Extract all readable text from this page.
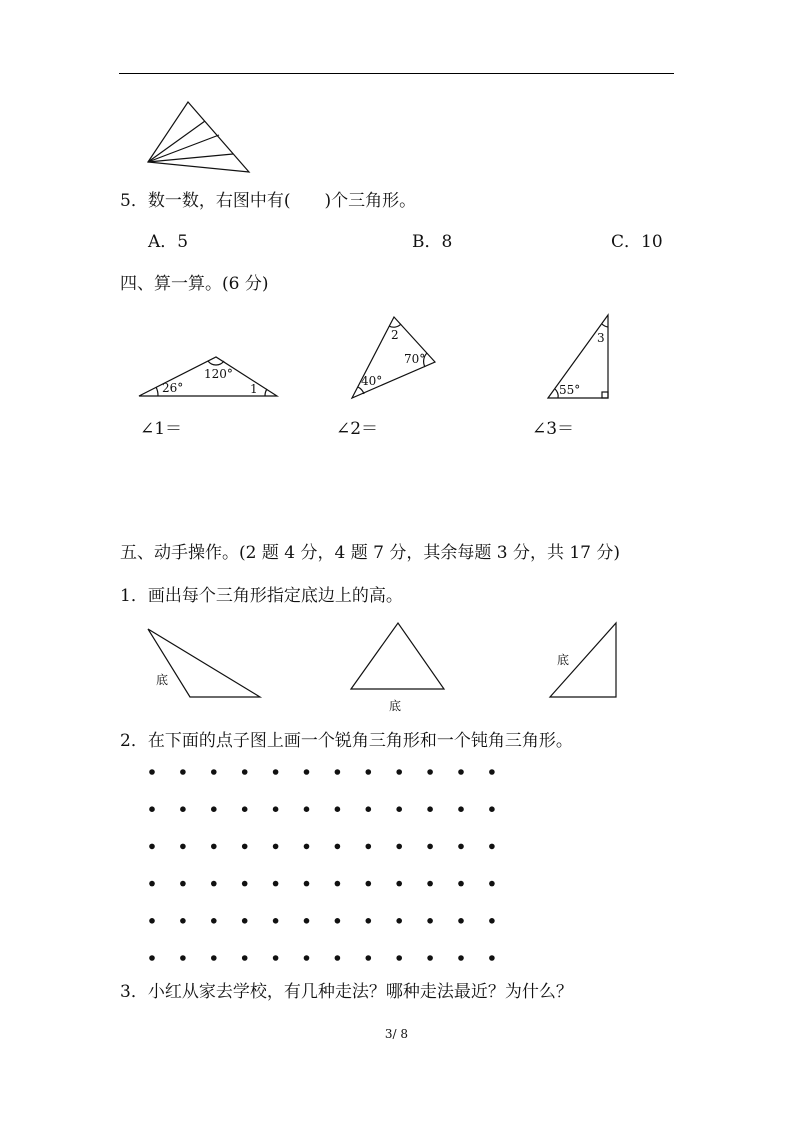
5．数一数，右图中有(　　)个三角形。
A．5	B．8	C．10
四、算一算。(6 分)
26°
120°
1
2
70°
40°
3
55°
∠1＝	∠2＝	∠3＝
五、动手操作。(2 题 4 分，4 题 7 分，其余每题 3 分，共 17 分)
1．画出每个三角形指定底边上的高。
底
底
底
2．在下面的点子图上画一个锐角三角形和一个钝角三角形。
3．小红从家去学校，有几种走法？哪种走法最近？为什么？
3/ 8
